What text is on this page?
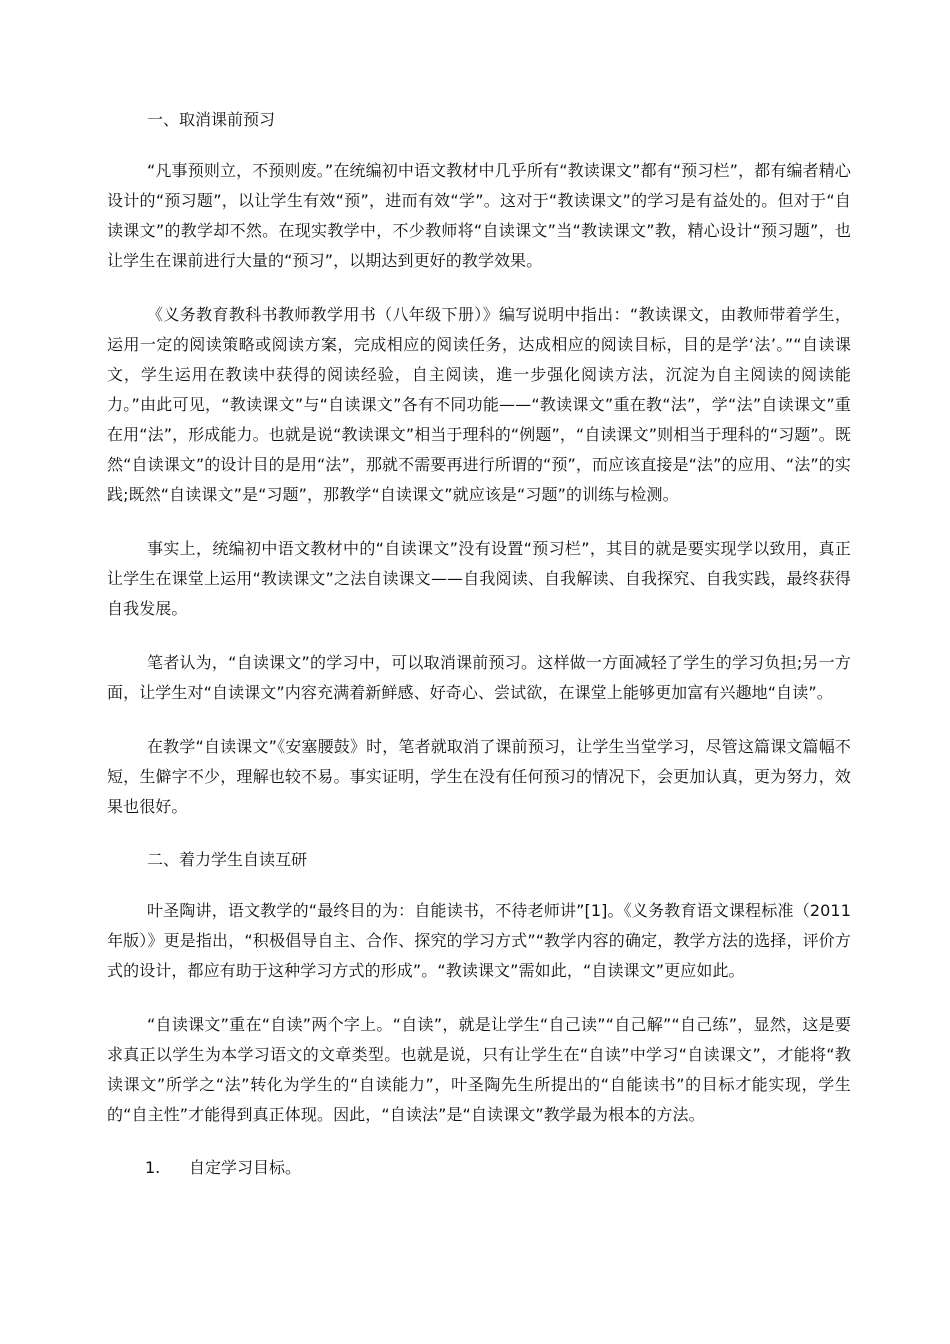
一、取消课前预习

“凡事预则立，不预则废。”在统编初中语文教材中几乎所有“教读课文”都有“预习栏”，都有编者精心设计的“预习题”，以让学生有效“预”，进而有效“学”。这对于“教读课文”的学习是有益处的。但对于“自读课文”的教学却不然。在现实教学中，不少教师将“自读课文”当“教读课文”教，精心设计“预习题”，也让学生在课前进行大量的“预习”，以期达到更好的教学效果。

《义务教育教科书教师教学用书（八年级下册）》编写说明中指出：“教读课文，由教师带着学生，运用一定的阅读策略或阅读方案，完成相应的阅读任务，达成相应的阅读目标，目的是学‘法’。”“自读课文，学生运用在教读中获得的阅读经验，自主阅读，進一步强化阅读方法，沉淀为自主阅读的阅读能力。”由此可见，“教读课文”与“自读课文”各有不同功能——“教读课文”重在教“法”，学“法”自读课文”重在用“法”，形成能力。也就是说“教读课文”相当于理科的“例题”，“自读课文”则相当于理科的“习题”。既然“自读课文”的设计目的是用“法”，那就不需要再进行所谓的“预”，而应该直接是“法”的应用、“法”的实践;既然“自读课文”是“习题”，那教学“自读课文”就应该是“习题”的训练与检测。

事实上，统编初中语文教材中的“自读课文”没有设置“预习栏”，其目的就是要实现学以致用，真正让学生在课堂上运用“教读课文”之法自读课文——自我阅读、自我解读、自我探究、自我实践，最终获得自我发展。

笔者认为，“自读课文”的学习中，可以取消课前预习。这样做一方面减轻了学生的学习负担;另一方面，让学生对“自读课文”内容充满着新鲜感、好奇心、尝试欲，在课堂上能够更加富有兴趣地“自读”。

在教学“自读课文”《安塞腰鼓》时，笔者就取消了课前预习，让学生当堂学习，尽管这篇课文篇幅不短，生僻字不少，理解也较不易。事实证明，学生在没有任何预习的情况下，会更加认真，更为努力，效果也很好。

二、着力学生自读互研

叶圣陶讲，语文教学的“最终目的为：自能读书，不待老师讲”[1]。《义务教育语文课程标准（2011年版）》更是指出，“积极倡导自主、合作、探究的学习方式”“教学内容的确定，教学方法的选择，评价方式的设计，都应有助于这种学习方式的形成”。“教读课文”需如此，“自读课文”更应如此。

“自读课文”重在“自读”两个字上。“自读”，就是让学生“自己读”“自己解”“自己练”，显然，这是要求真正以学生为本学习语文的文章类型。也就是说，只有让学生在“自读”中学习“自读课文”，才能将“教读课文”所学之“法”转化为学生的“自读能力”，叶圣陶先生所提出的“自能读书”的目标才能实现，学生的“自主性”才能得到真正体现。因此，“自读法”是“自读课文”教学最为根本的方法。

1. 自定学习目标。
